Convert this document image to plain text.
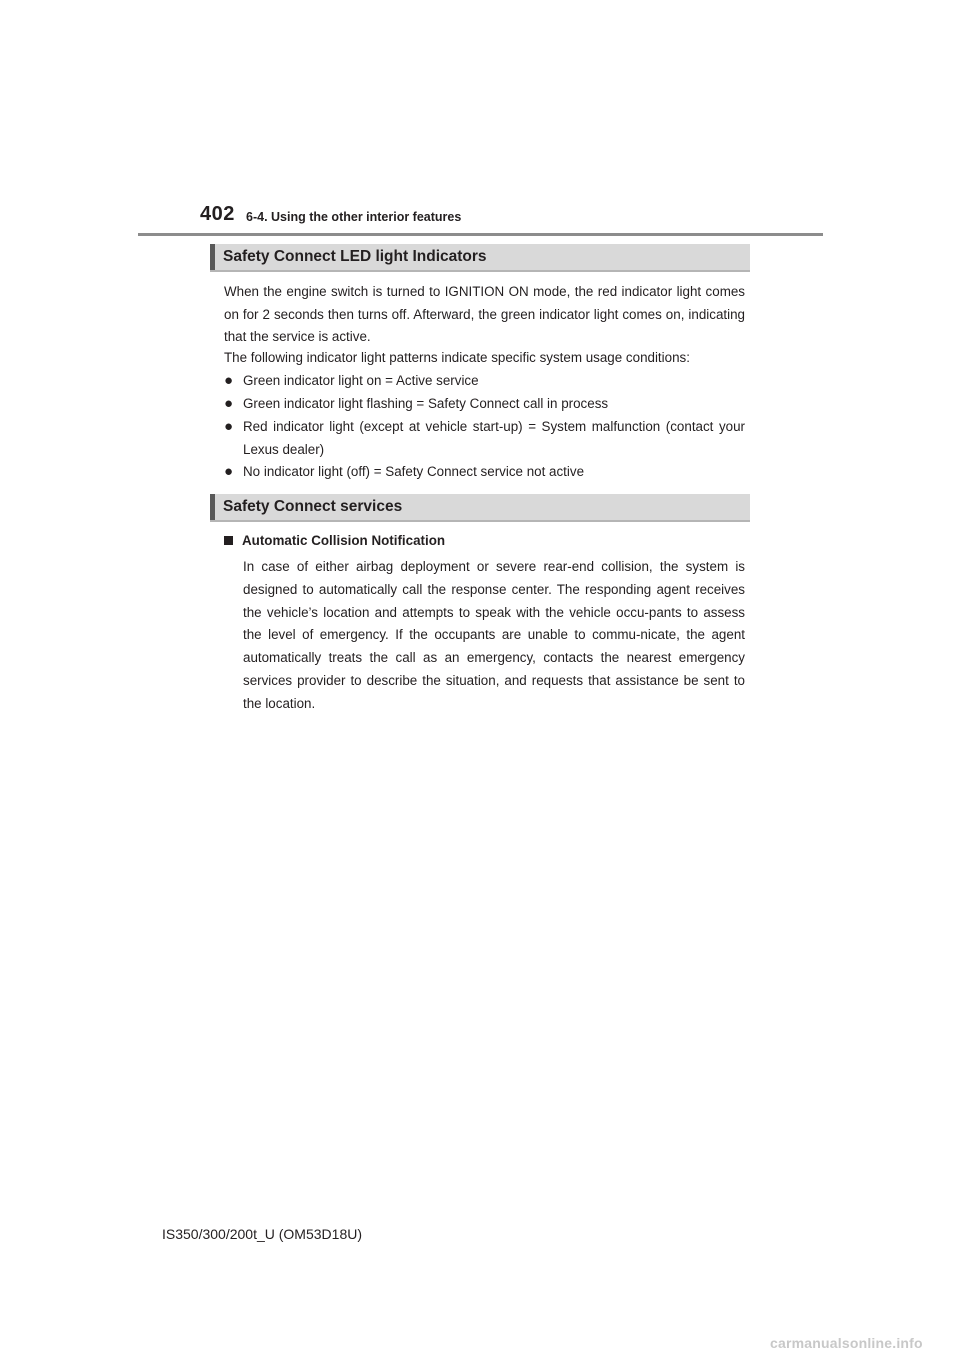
402 6-4. Using the other interior features
Safety Connect LED light Indicators

When the engine switch is turned to IGNITION ON mode, the red indicator light comes on for 2 seconds then turns off. Afterward, the green indicator light comes on, indicating that the service is active.

The following indicator light patterns indicate specific system usage conditions:

● Green indicator light on = Active service
● Green indicator light flashing = Safety Connect call in process
● Red indicator light (except at vehicle start-up) = System malfunction (contact your Lexus dealer)
● No indicator light (off) = Safety Connect service not active
Safety Connect services
Automatic Collision Notification

In case of either airbag deployment or severe rear-end collision, the system is designed to automatically call the response center. The responding agent receives the vehicle’s location and attempts to speak with the vehicle occu-pants to assess the level of emergency. If the occupants are unable to commu-nicate, the agent automatically treats the call as an emergency, contacts the nearest emergency services provider to describe the situation, and requests that assistance be sent to the location.

IS350/300/200t_U (OM53D18U)
carmanualsonline.info
